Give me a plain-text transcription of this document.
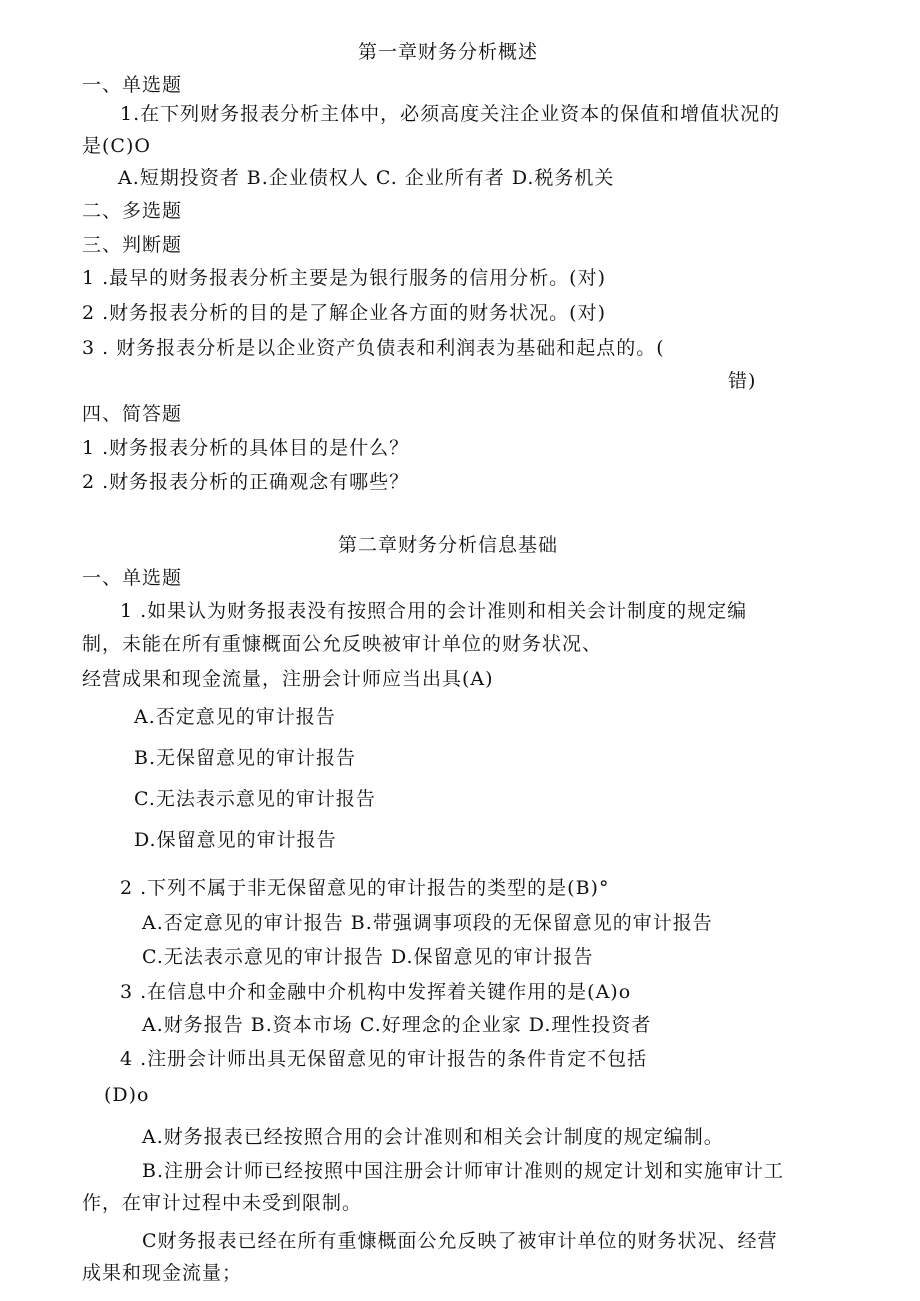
第一章财务分析概述
一、单选题
1.在下列财务报表分析主体中，必须高度关注企业资本的保值和增值状况的
是(C)O
A.短期投资者 B.企业债权人 C. 企业所有者 D.税务机关
二、多选题
三、判断题
1 .最早的财务报表分析主要是为银行服务的信用分析。(对)
2 .财务报表分析的目的是了解企业各方面的财务状况。(对)
3 . 财务报表分析是以企业资产负债表和利润表为基础和起点的。(
错)
四、简答题
1 .财务报表分析的具体目的是什么？
2 .财务报表分析的正确观念有哪些？
第二章财务分析信息基础
一、单选题
1 .如果认为财务报表没有按照合用的会计准则和相关会计制度的规定编
制，未能在所有重慷概面公允反映被审计单位的财务状况、
经营成果和现金流量，注册会计师应当出具(A)
A.否定意见的审计报告
B.无保留意见的审计报告
C.无法表示意见的审计报告
D.保留意见的审计报告
2 .下列不属于非无保留意见的审计报告的类型的是(B)°
A.否定意见的审计报告 B.带强调事项段的无保留意见的审计报告
C.无法表示意见的审计报告 D.保留意见的审计报告
3 .在信息中介和金融中介机构中发挥着关键作用的是(A)o
A.财务报告 B.资本市场 C.好理念的企业家 D.理性投资者
4 .注册会计师出具无保留意见的审计报告的条件肯定不包括
(D)o
A.财务报表已经按照合用的会计准则和相关会计制度的规定编制。
B.注册会计师已经按照中国注册会计师审计准则的规定计划和实施审计工
作，在审计过程中未受到限制。
C财务报表已经在所有重慷概面公允反映了被审计单位的财务状况、经营
成果和现金流量；
